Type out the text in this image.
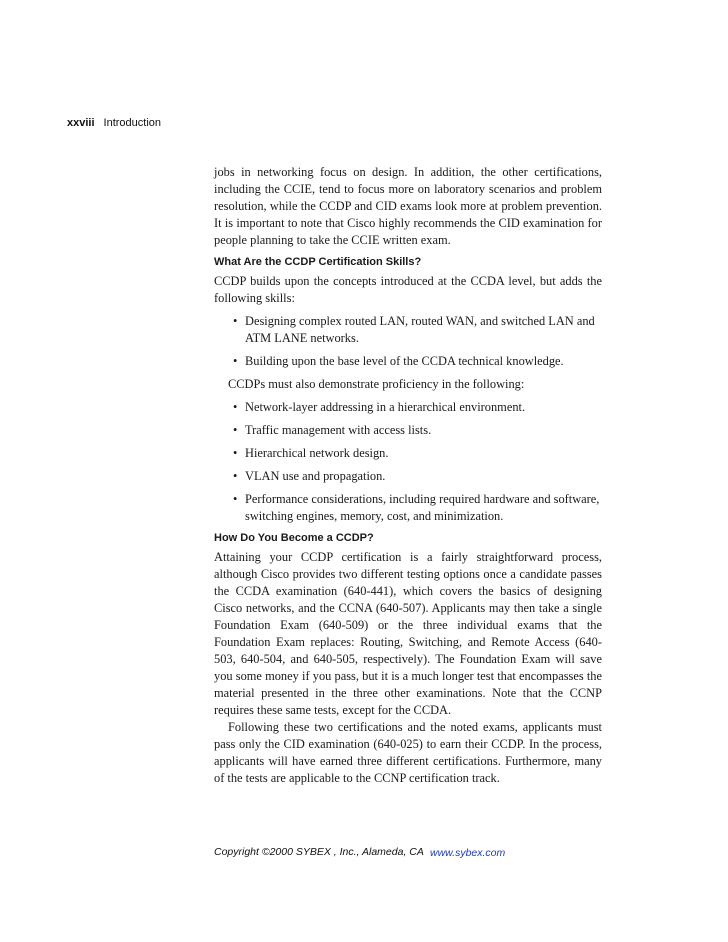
xxviii Introduction

jobs in networking focus on design. In addition, the other certifications, including the CCIE, tend to focus more on laboratory scenarios and problem resolution, while the CCDP and CID exams look more at problem prevention. It is important to note that Cisco highly recommends the CID examination for people planning to take the CCIE written exam.

What Are the CCDP Certification Skills?

CCDP builds upon the concepts introduced at the CCDA level, but adds the following skills:

• Designing complex routed LAN, routed WAN, and switched LAN and ATM LANE networks.
• Building upon the base level of the CCDA technical knowledge.

CCDPs must also demonstrate proficiency in the following:

• Network-layer addressing in a hierarchical environment.
• Traffic management with access lists.
• Hierarchical network design.
• VLAN use and propagation.
• Performance considerations, including required hardware and software, switching engines, memory, cost, and minimization.
How Do You Become a CCDP?

Attaining your CCDP certification is a fairly straightforward process, although Cisco provides two different testing options once a candidate passes the CCDA examination (640-441), which covers the basics of designing Cisco networks, and the CCNA (640-507). Applicants may then take a single Foundation Exam (640-509) or the three individual exams that the Foundation Exam replaces: Routing, Switching, and Remote Access (640-503, 640-504, and 640-505, respectively). The Foundation Exam will save you some money if you pass, but it is a much longer test that encompasses the material presented in the three other examinations. Note that the CCNP requires these same tests, except for the CCDA.

Following these two certifications and the noted exams, applicants must pass only the CID examination (640-025) to earn their CCDP. In the process, applicants will have earned three different certifications. Furthermore, many of the tests are applicable to the CCNP certification track.

Copyright ©2000 SYBEX , Inc., Alameda, CA www.sybex.com
